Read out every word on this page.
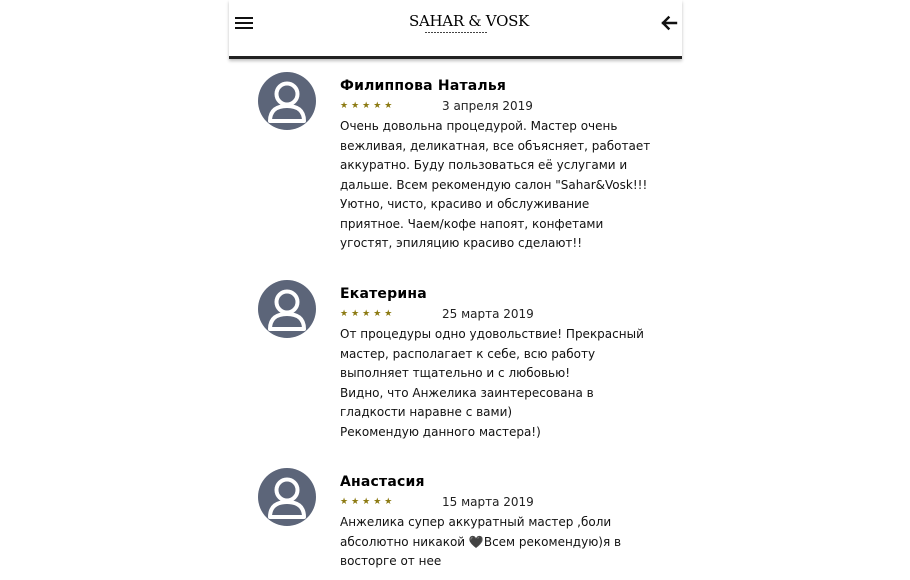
SAHAR & VOSK
Филиппова Наталья
★★★★★	3 апреля 2019
Очень довольна процедурой. Мастер очень
вежливая, деликатная, все объясняет, работает
аккуратно. Буду пользоваться её услугами и
дальше. Всем рекомендую салон "Sahar&Vosk!!!
Уютно, чисто, красиво и обслуживание
приятное. Чаем/кофе напоят, конфетами
угостят, эпиляцию красиво сделают!!
Екатерина
★★★★★	25 марта 2019
От процедуры одно удовольствие! Прекрасный
мастер, располагает к себе, всю работу
выполняет тщательно и с любовью!
Видно, что Анжелика заинтересована в
гладкости наравне с вами)
Рекомендую данного мастера!)
Анастасия
★★★★★	15 марта 2019
Анжелика супер аккуратный мастер ,боли
абсолютно никакой 🖤Всем рекомендую)я в
восторге от нее
